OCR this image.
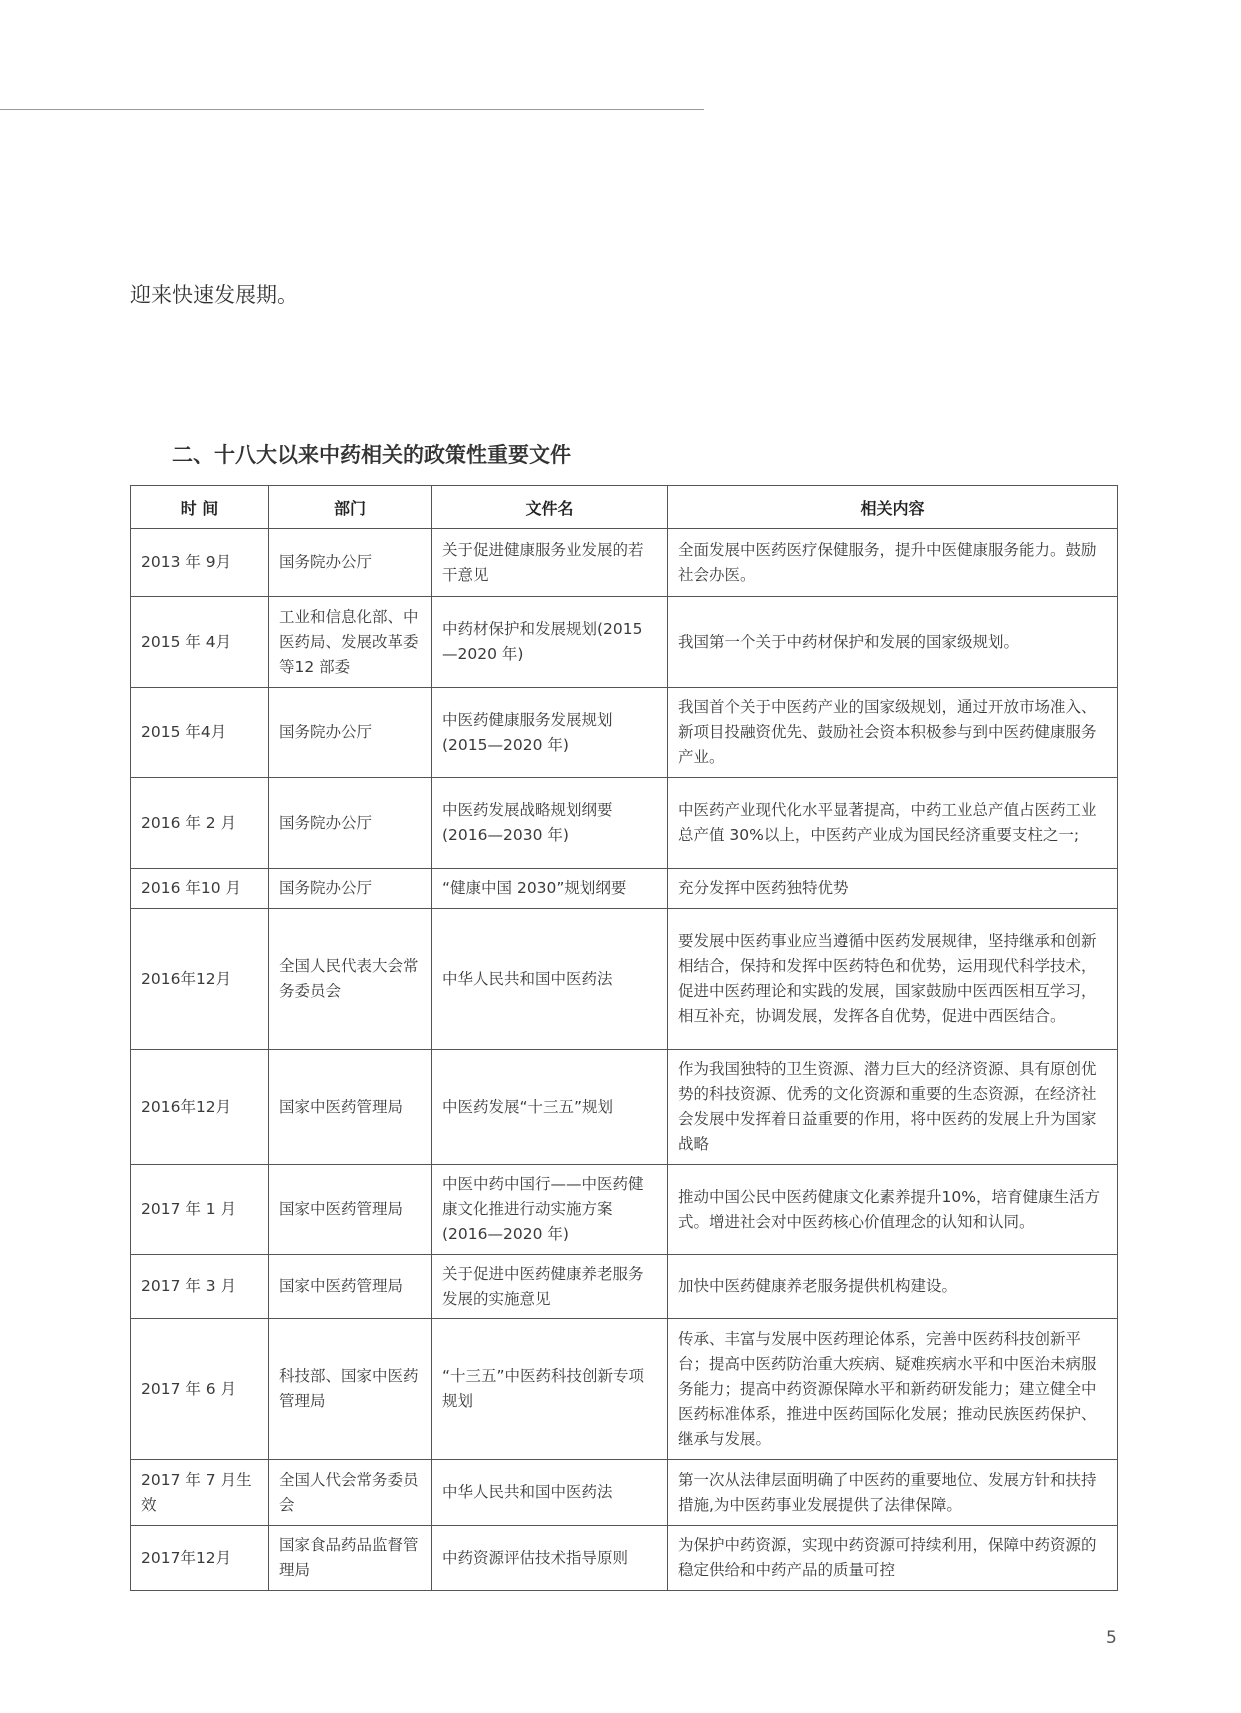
迎来快速发展期。
二、十八大以来中药相关的政策性重要文件
时 间	部门	文件名	相关内容
2013 年 9月	国务院办公厅	关于促进健康服务业发展的若干意见	全面发展中医药医疗保健服务，提升中医健康服务能力。鼓励社会办医。
2015 年 4月	工业和信息化部、中医药局、发展改革委等12 部委	中药材保护和发展规划(2015—2020 年)	我国第一个关于中药材保护和发展的国家级规划。
2015 年4月	国务院办公厅	中医药健康服务发展规划(2015—2020 年)	我国首个关于中医药产业的国家级规划，通过开放市场准入、新项目投融资优先、鼓励社会资本积极参与到中医药健康服务产业。
2016 年 2 月	国务院办公厅	中医药发展战略规划纲要(2016—2030 年)	中医药产业现代化水平显著提高，中药工业总产值占医药工业总产值 30%以上，中医药产业成为国民经济重要支柱之一;
2016 年10 月	国务院办公厅	“健康中国 2030”规划纲要	充分发挥中医药独特优势
2016年12月	全国人民代表大会常务委员会	中华人民共和国中医药法	要发展中医药事业应当遵循中医药发展规律，坚持继承和创新相结合，保持和发挥中医药特色和优势，运用现代科学技术，促进中医药理论和实践的发展，国家鼓励中医西医相互学习，相互补充，协调发展，发挥各自优势，促进中西医结合。
2016年12月	国家中医药管理局	中医药发展“十三五”规划	作为我国独特的卫生资源、潜力巨大的经济资源、具有原创优势的科技资源、优秀的文化资源和重要的生态资源，在经济社会发展中发挥着日益重要的作用，将中医药的发展上升为国家战略
2017 年 1 月	国家中医药管理局	中医中药中国行——中医药健康文化推进行动实施方案(2016—2020 年)	推动中国公民中医药健康文化素养提升10%，培育健康生活方式。增进社会对中医药核心价值理念的认知和认同。
2017 年 3 月	国家中医药管理局	关于促进中医药健康养老服务发展的实施意见	加快中医药健康养老服务提供机构建设。
2017 年 6 月	科技部、国家中医药管理局	“十三五”中医药科技创新专项规划	传承、丰富与发展中医药理论体系，完善中医药科技创新平台；提高中医药防治重大疾病、疑难疾病水平和中医治未病服务能力；提高中药资源保障水平和新药研发能力；建立健全中医药标准体系，推进中医药国际化发展；推动民族医药保护、继承与发展。
2017 年 7 月生效	全国人代会常务委员会	中华人民共和国中医药法	第一次从法律层面明确了中医药的重要地位、发展方针和扶持措施,为中医药事业发展提供了法律保障。
2017年12月	国家食品药品监督管理局	中药资源评估技术指导原则	为保护中药资源，实现中药资源可持续利用，保障中药资源的稳定供给和中药产品的质量可控
5
